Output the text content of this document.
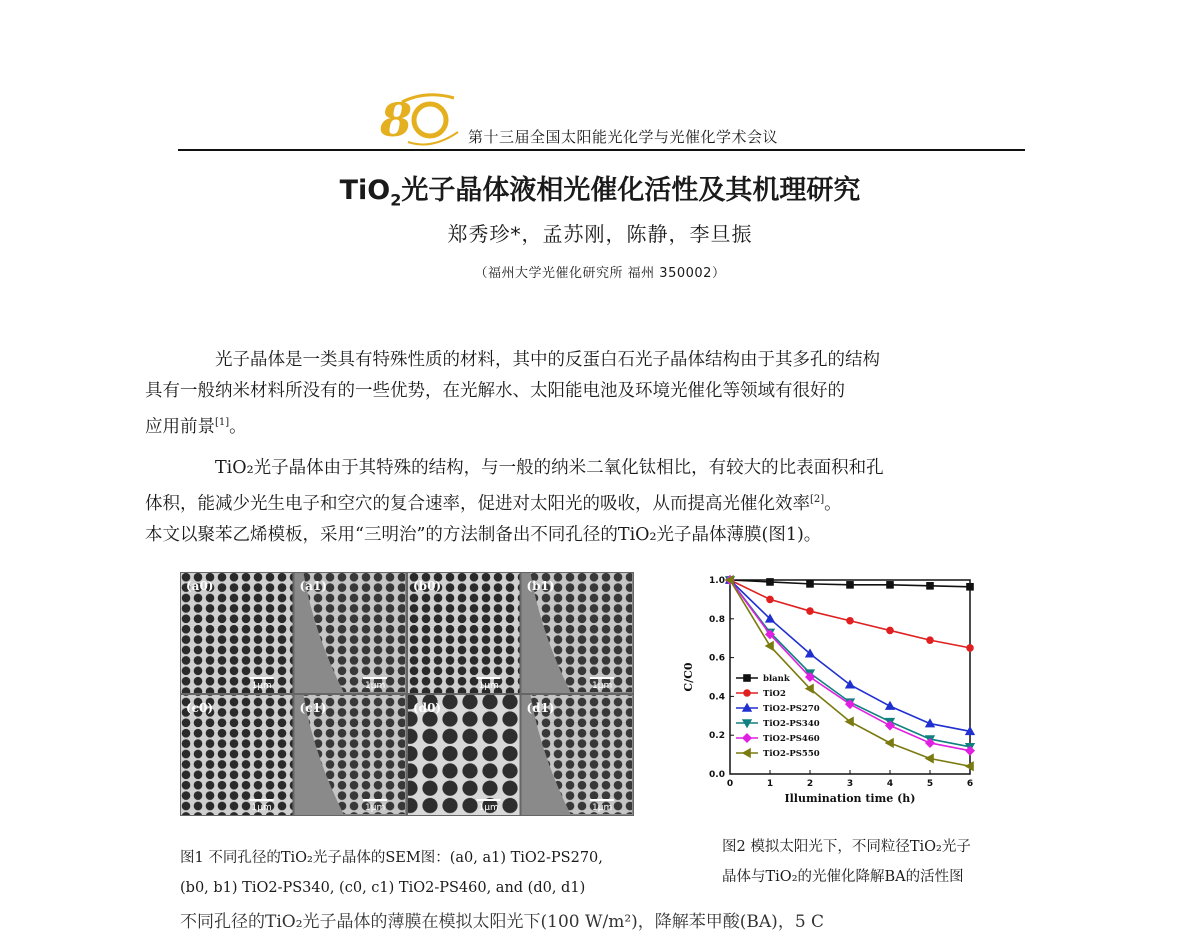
8	第十三届全国太阳能光化学与光催化学术会议
TiO$_2$光子晶体液相光催化活性及其机理研究
郑秀珍*，孟苏刚，陈静，李旦振
（福州大学光催化研究所 福州 350002）

光子晶体是一类具有特殊性质的材料，其中的反蛋白石光子晶体结构由于其多孔的结构
具有一般纳米材料所没有的一些优势，在光解水、太阳能电池及环境光催化等领域有很好的
应用前景[1]。

TiO₂光子晶体由于其特殊的结构，与一般的纳米二氧化钛相比，有较大的比表面积和孔
体积，能减少光生电子和空穴的复合速率，促进对太阳光的吸收，从而提高光催化效率[2]。
本文以聚苯乙烯模板，采用“三明治”的方法制备出不同孔径的TiO₂光子晶体薄膜(图1)。

(a0)
1μm
(a1)
1μm
(b0)
1μm
(b1)
1μm
(c0)
1μm
(c1)
1μm
(d0)
1μm
(d1)
1μm
图1 不同孔径的TiO₂光子晶体的SEM图：(a0, a1) TiO2-PS270,
(b0, b1) TiO2-PS340, (c0, c1) TiO2-PS460, and (d0, d1)
0	1	2	3	4	5	6
0.0
0.2
0.4
0.6
0.8
1.0
Illumination time (h)
C/C0	blank
TiO2
TiO2-PS270
TiO2-PS340
TiO2-PS460
TiO2-PS550
图2 模拟太阳光下，不同粒径TiO₂光子
晶体与TiO₂的光催化降解BA的活性图
不同孔径的TiO₂光子晶体的薄膜在模拟太阳光下(100 W/m²)，降解苯甲酸(BA)，5 C
